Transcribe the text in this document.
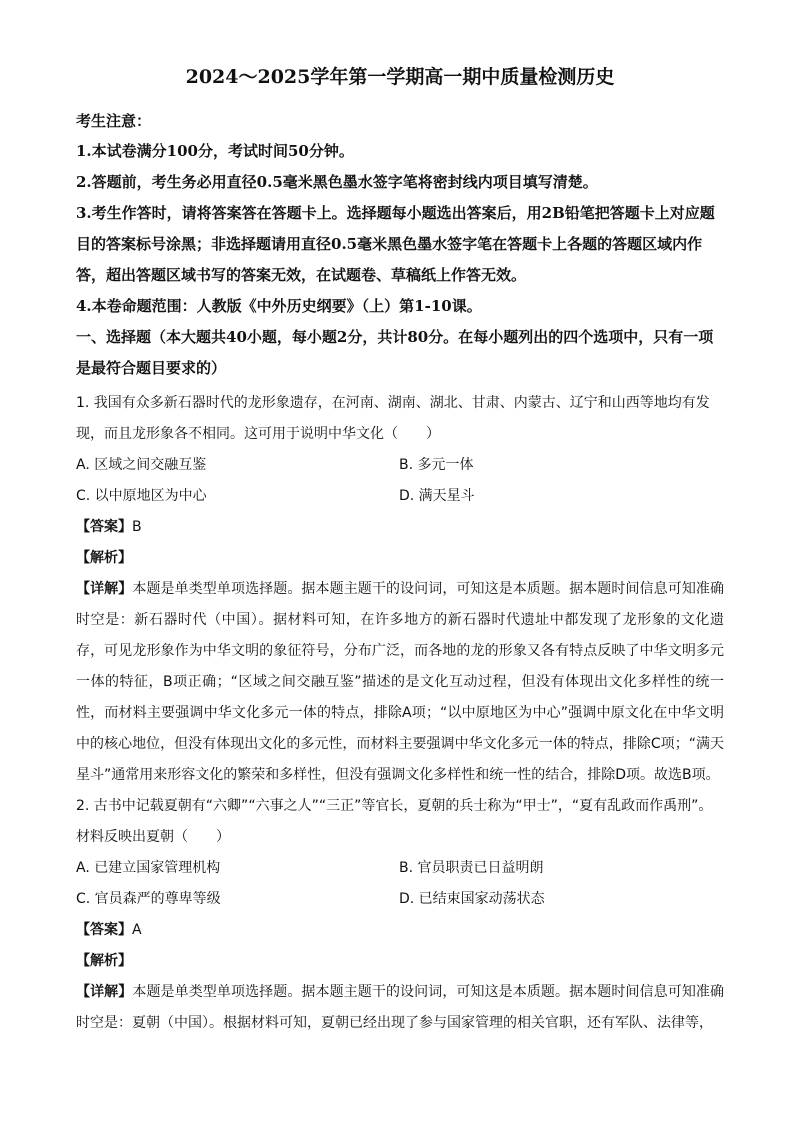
2024～2025学年第一学期高一期中质量检测历史
考生注意：

1.本试卷满分100分，考试时间50分钟。

2.答题前，考生务必用直径0.5毫米黑色墨水签字笔将密封线内项目填写清楚。

3.考生作答时，请将答案答在答题卡上。选择题每小题选出答案后，用2B铅笔把答题卡上对应题目的答案标号涂黑；非选择题请用直径0.5毫米黑色墨水签字笔在答题卡上各题的答题区域内作答，超出答题区域书写的答案无效，在试题卷、草稿纸上作答无效。

4.本卷命题范围：人教版《中外历史纲要》（上）第1-10课。

一、选择题（本大题共40小题，每小题2分，共计80分。在每小题列出的四个选项中，只有一项是最符合题目要求的）

1. 我国有众多新石器时代的龙形象遗存，在河南、湖南、湖北、甘肃、内蒙古、辽宁和山西等地均有发现，而且龙形象各不相同。这可用于说明中华文化（　　）

A. 区域之间交融互鉴	B. 多元一体
C. 以中原地区为中心	D. 满天星斗

【答案】B

【解析】

【详解】本题是单类型单项选择题。据本题主题干的设问词，可知这是本质题。据本题时间信息可知准确时空是：新石器时代（中国）。据材料可知，在许多地方的新石器时代遗址中都发现了龙形象的文化遗存，可见龙形象作为中华文明的象征符号，分布广泛，而各地的龙的形象又各有特点反映了中华文明多元一体的特征，B项正确；“区域之间交融互鉴”描述的是文化互动过程，但没有体现出文化多样性的统一性，而材料主要强调中华文化多元一体的特点，排除A项；“以中原地区为中心”强调中原文化在中华文明中的核心地位，但没有体现出文化的多元性，而材料主要强调中华文化多元一体的特点，排除C项；“满天星斗”通常用来形容文化的繁荣和多样性，但没有强调文化多样性和统一性的结合，排除D项。故选B项。

2. 古书中记载夏朝有“六卿”“六事之人”“三正”等官长，夏朝的兵士称为“甲士”，“夏有乱政而作禹刑”。材料反映出夏朝（　　）

A. 已建立国家管理机构	B. 官员职责已日益明朗
C. 官员森严的尊卑等级	D. 已结束国家动荡状态

【答案】A

【解析】

【详解】本题是单类型单项选择题。据本题主题干的设问词，可知这是本质题。据本题时间信息可知准确时空是：夏朝（中国）。根据材料可知，夏朝已经出现了参与国家管理的相关官职，还有军队、法律等，
